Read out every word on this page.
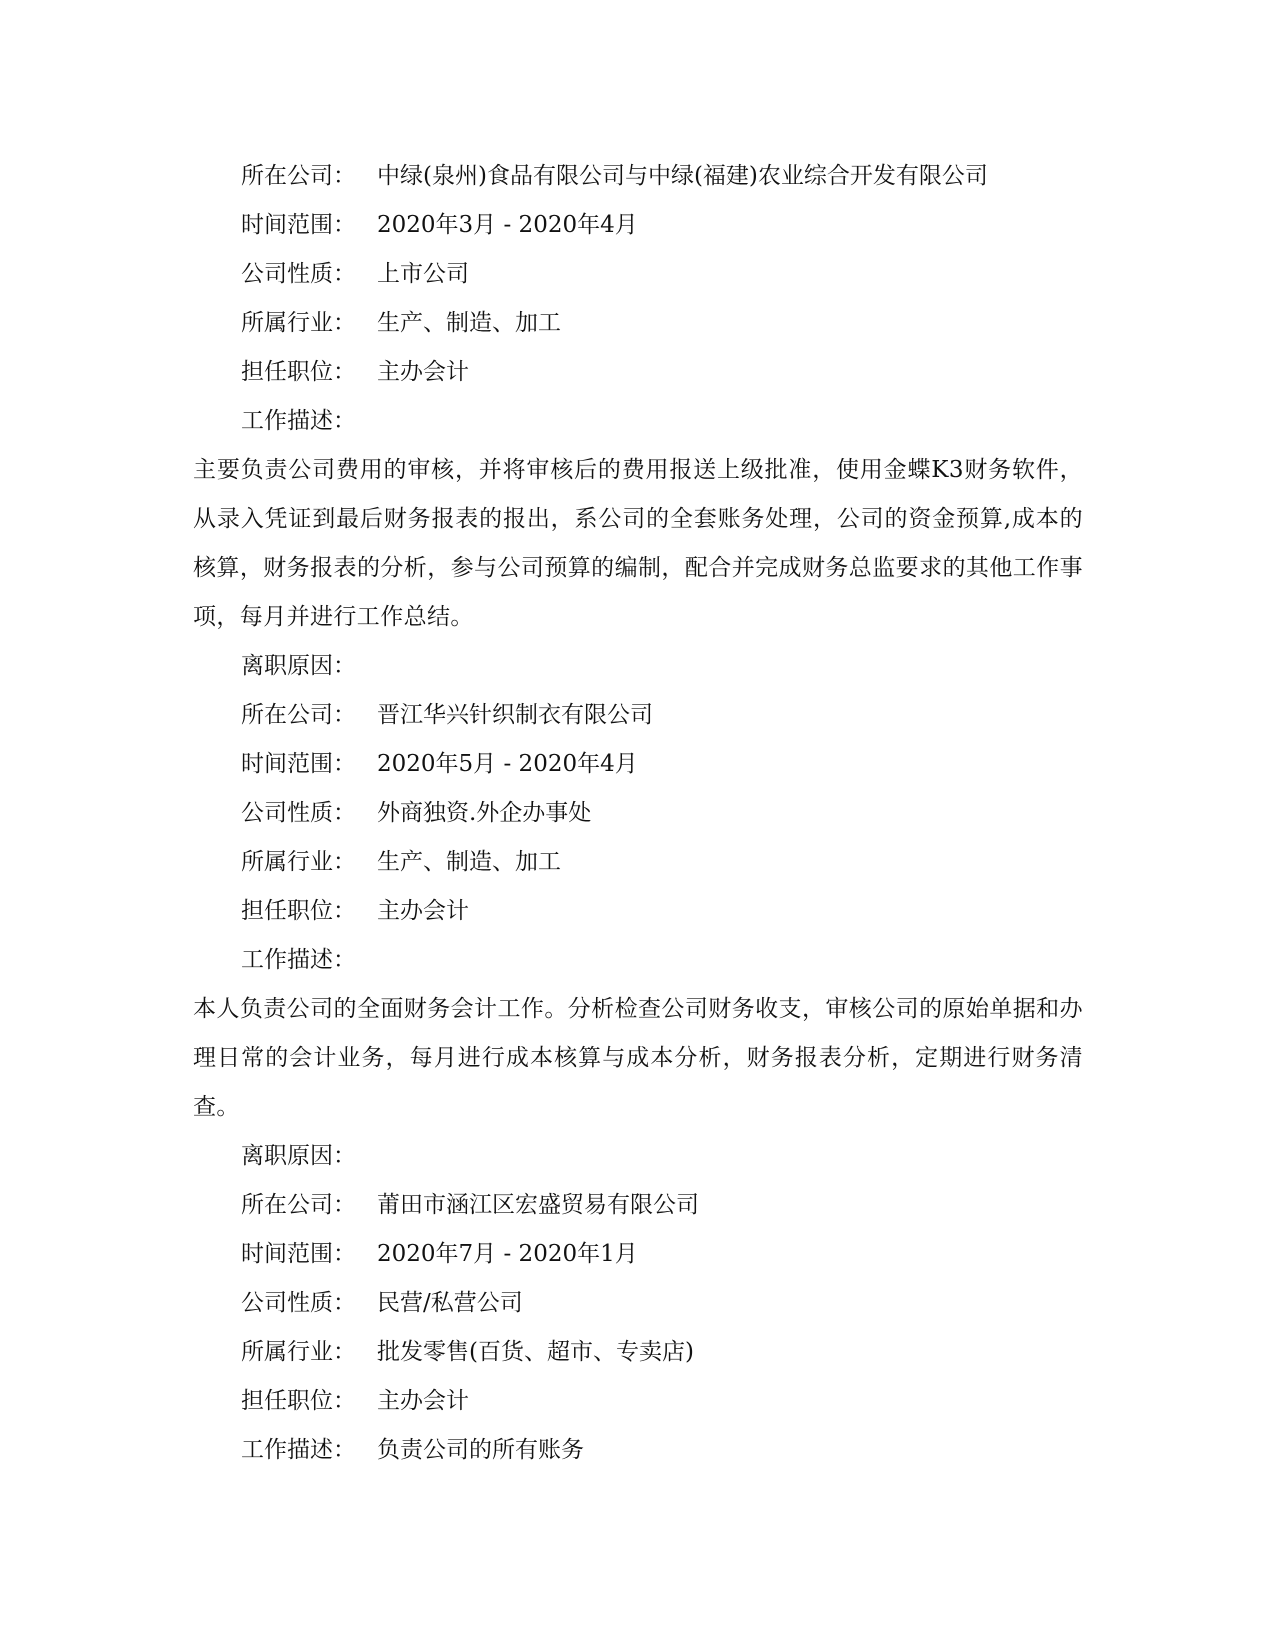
所在公司： 中绿(泉州)食品有限公司与中绿(福建)农业综合开发有限公司
时间范围： 2020年3月 - 2020年4月
公司性质： 上市公司
所属行业： 生产、制造、加工
担任职位： 主办会计
工作描述：

主要负责公司费用的审核，并将审核后的费用报送上级批准，使用金蝶K3财务软件，从录入凭证到最后财务报表的报出，系公司的全套账务处理，公司的资金预算,成本的核算，财务报表的分析，参与公司预算的编制，配合并完成财务总监要求的其他工作事项，每月并进行工作总结。

离职原因：
所在公司： 晋江华兴针织制衣有限公司
时间范围： 2020年5月 - 2020年4月
公司性质： 外商独资.外企办事处
所属行业： 生产、制造、加工
担任职位： 主办会计
工作描述：

本人负责公司的全面财务会计工作。分析检查公司财务收支，审核公司的原始单据和办理日常的会计业务，每月进行成本核算与成本分析，财务报表分析，定期进行财务清查。

离职原因：
所在公司： 莆田市涵江区宏盛贸易有限公司
时间范围： 2020年7月 - 2020年1月
公司性质： 民营/私营公司
所属行业： 批发零售(百货、超市、专卖店)
担任职位： 主办会计
工作描述： 负责公司的所有账务
